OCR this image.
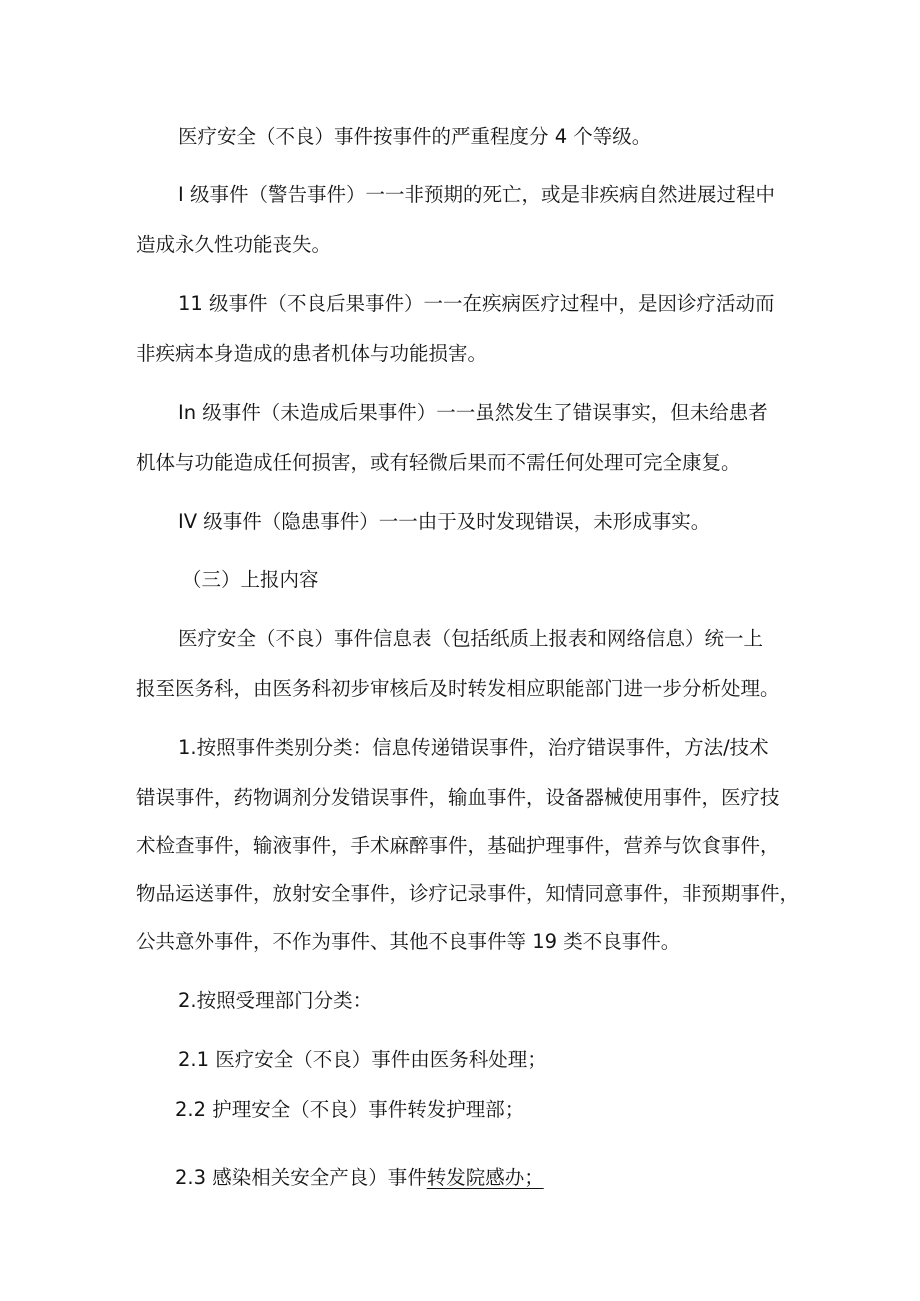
医疗安全（不良）事件按事件的严重程度分 4 个等级。

I 级事件（警告事件）一一非预期的死亡，或是非疾病自然进展过程中

造成永久性功能丧失。

11 级事件（不良后果事件）一一在疾病医疗过程中，是因诊疗活动而

非疾病本身造成的患者机体与功能损害。

In 级事件（未造成后果事件）一一虽然发生了错误事实，但未给患者

机体与功能造成任何损害，或有轻微后果而不需任何处理可完全康复。

IV 级事件（隐患事件）一一由于及时发现错误，未形成事实。

（三）上报内容

医疗安全（不良）事件信息表（包括纸质上报表和网络信息）统一上

报至医务科，由医务科初步审核后及时转发相应职能部门进一步分析处理。

1.按照事件类别分类：信息传递错误事件，治疗错误事件，方法/技术

错误事件，药物调剂分发错误事件，输血事件，设备器械使用事件，医疗技

术检查事件，输液事件，手术麻醉事件，基础护理事件，营养与饮食事件，

物品运送事件，放射安全事件，诊疗记录事件，知情同意事件，非预期事件，

公共意外事件，不作为事件、其他不良事件等 19 类不良事件。

2.按照受理部门分类：

2.1 医疗安全（不良）事件由医务科处理；

2.2 护理安全（不良）事件转发护理部；

2.3 感染相关安全产良）事件转发院感办；
